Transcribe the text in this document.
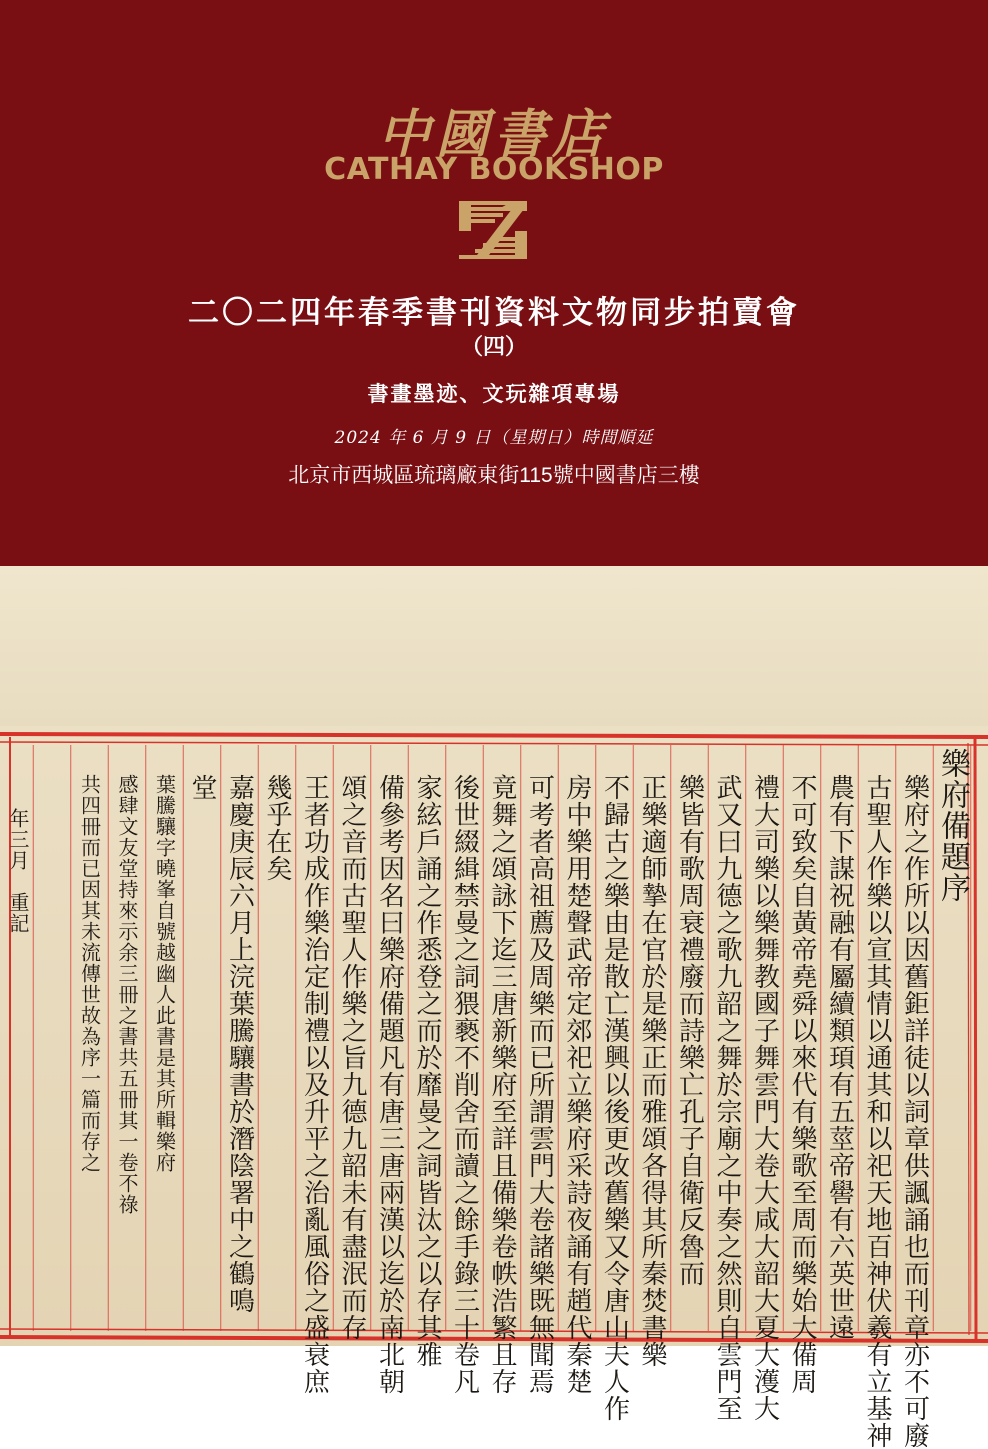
中國書店
CATHAY BOOKSHOP
二〇二四年春季書刊資料文物同步拍賣會
（四）
書畫墨迹、文玩雜項專場
2024 年 6 月 9 日（星期日）時間順延
北京市西城區琉璃廠東街115號中國書店三樓
樂府備題序
樂府之作所以因舊鉅詳徒以詞章供諷誦也而刊章亦不可廢
古聖人作樂以宣其情以通其和以祀天地百神伏羲有立基神
農有下謀祝融有屬續類頊有五莖帝嚳有六英世遠
不可致矣自黃帝堯舜以來代有樂歌至周而樂始大備周
禮大司樂以樂舞教國子舞雲門大卷大咸大韶大夏大濩大
武又曰九德之歌九韶之舞於宗廟之中奏之然則自雲門至
樂皆有歌周衰禮廢而詩樂亡孔子自衛反魯而
正樂適師摯在官於是樂正而雅頌各得其所秦焚書樂
不歸古之樂由是散亡漢興以後更改舊樂又令唐山夫人作
房中樂用楚聲武帝定郊祀立樂府采詩夜誦有趙代秦楚
可考者高祖薦及周樂而已所謂雲門大卷諸樂既無聞焉
竟舞之頌詠下迄三唐新樂府至詳且備樂卷帙浩繁且存
後世綴緝禁曼之詞猥褻不削舍而讀之餘手錄三十卷凡
家絃戶誦之作悉登之而於靡曼之詞皆汰之以存其雅
備參考因名曰樂府備題凡有唐三唐兩漢以迄於南北朝
頌之音而古聖人作樂之旨九德九韶未有盡泯而存
王者功成作樂治定制禮以及升平之治亂風俗之盛衰庶
幾乎在矣
嘉慶庚辰六月上浣葉騰驤書於潛陰署中之鶴鳴
堂
葉騰驤字曉峯自號越幽人此書是其所輯樂府
感肆文友堂持來示余三冊之書共五冊其一卷不祿
共四冊而已因其未流傳世故為序一篇而存之
年三月　重記
